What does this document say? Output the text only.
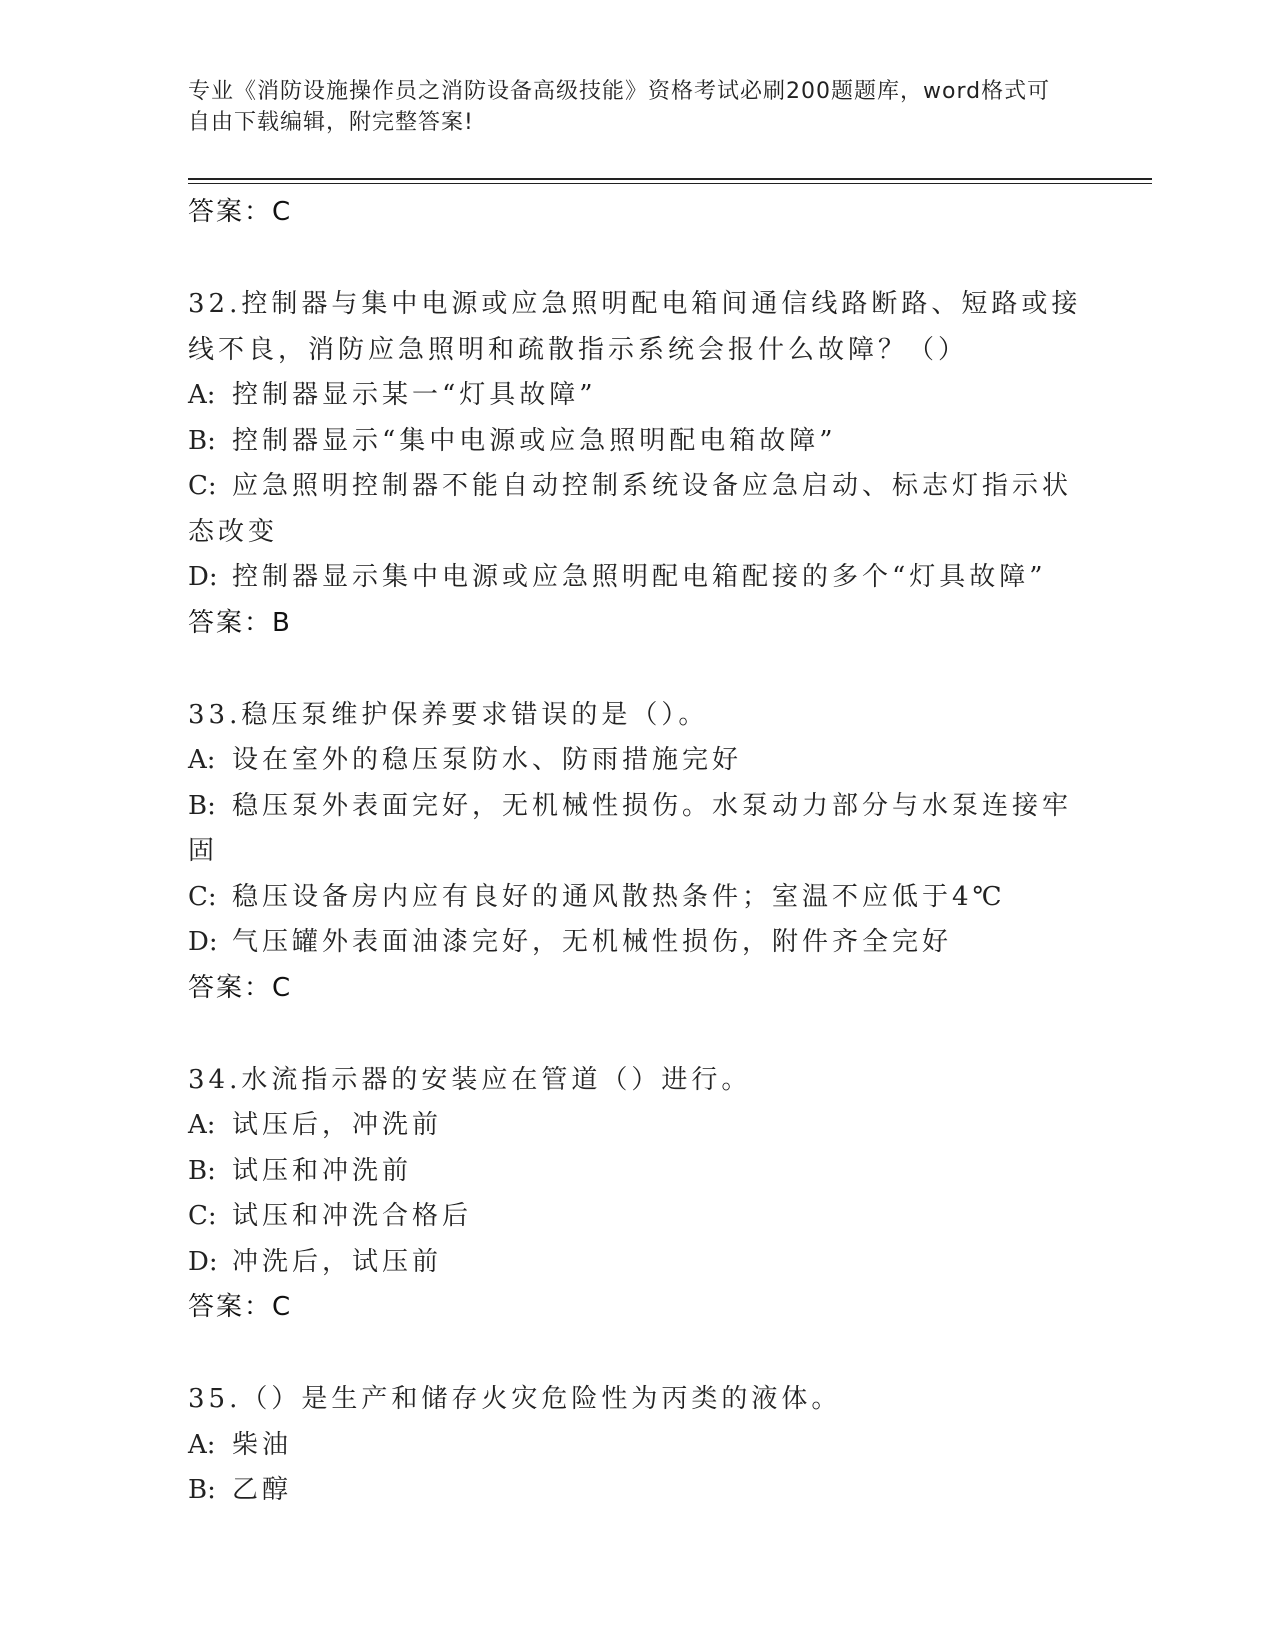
专业《消防设施操作员之消防设备高级技能》资格考试必刷200题题库，word格式可自由下载编辑，附完整答案!
答案：C
32.控制器与集中电源或应急照明配电箱间通信线路断路、短路或接线不良，消防应急照明和疏散指示系统会报什么故障？（）
A: 控制器显示某一“灯具故障”
B: 控制器显示“集中电源或应急照明配电箱故障”
C: 应急照明控制器不能自动控制系统设备应急启动、标志灯指示状态改变
D: 控制器显示集中电源或应急照明配电箱配接的多个“灯具故障”
答案：B
33.稳压泵维护保养要求错误的是（）。
A: 设在室外的稳压泵防水、防雨措施完好
B: 稳压泵外表面完好，无机械性损伤。水泵动力部分与水泵连接牢固
C: 稳压设备房内应有良好的通风散热条件；室温不应低于4℃
D: 气压罐外表面油漆完好，无机械性损伤，附件齐全完好
答案：C
34.水流指示器的安装应在管道（）进行。
A: 试压后，冲洗前
B: 试压和冲洗前
C: 试压和冲洗合格后
D: 冲洗后，试压前
答案：C
35.（）是生产和储存火灾危险性为丙类的液体。
A: 柴油
B: 乙醇
